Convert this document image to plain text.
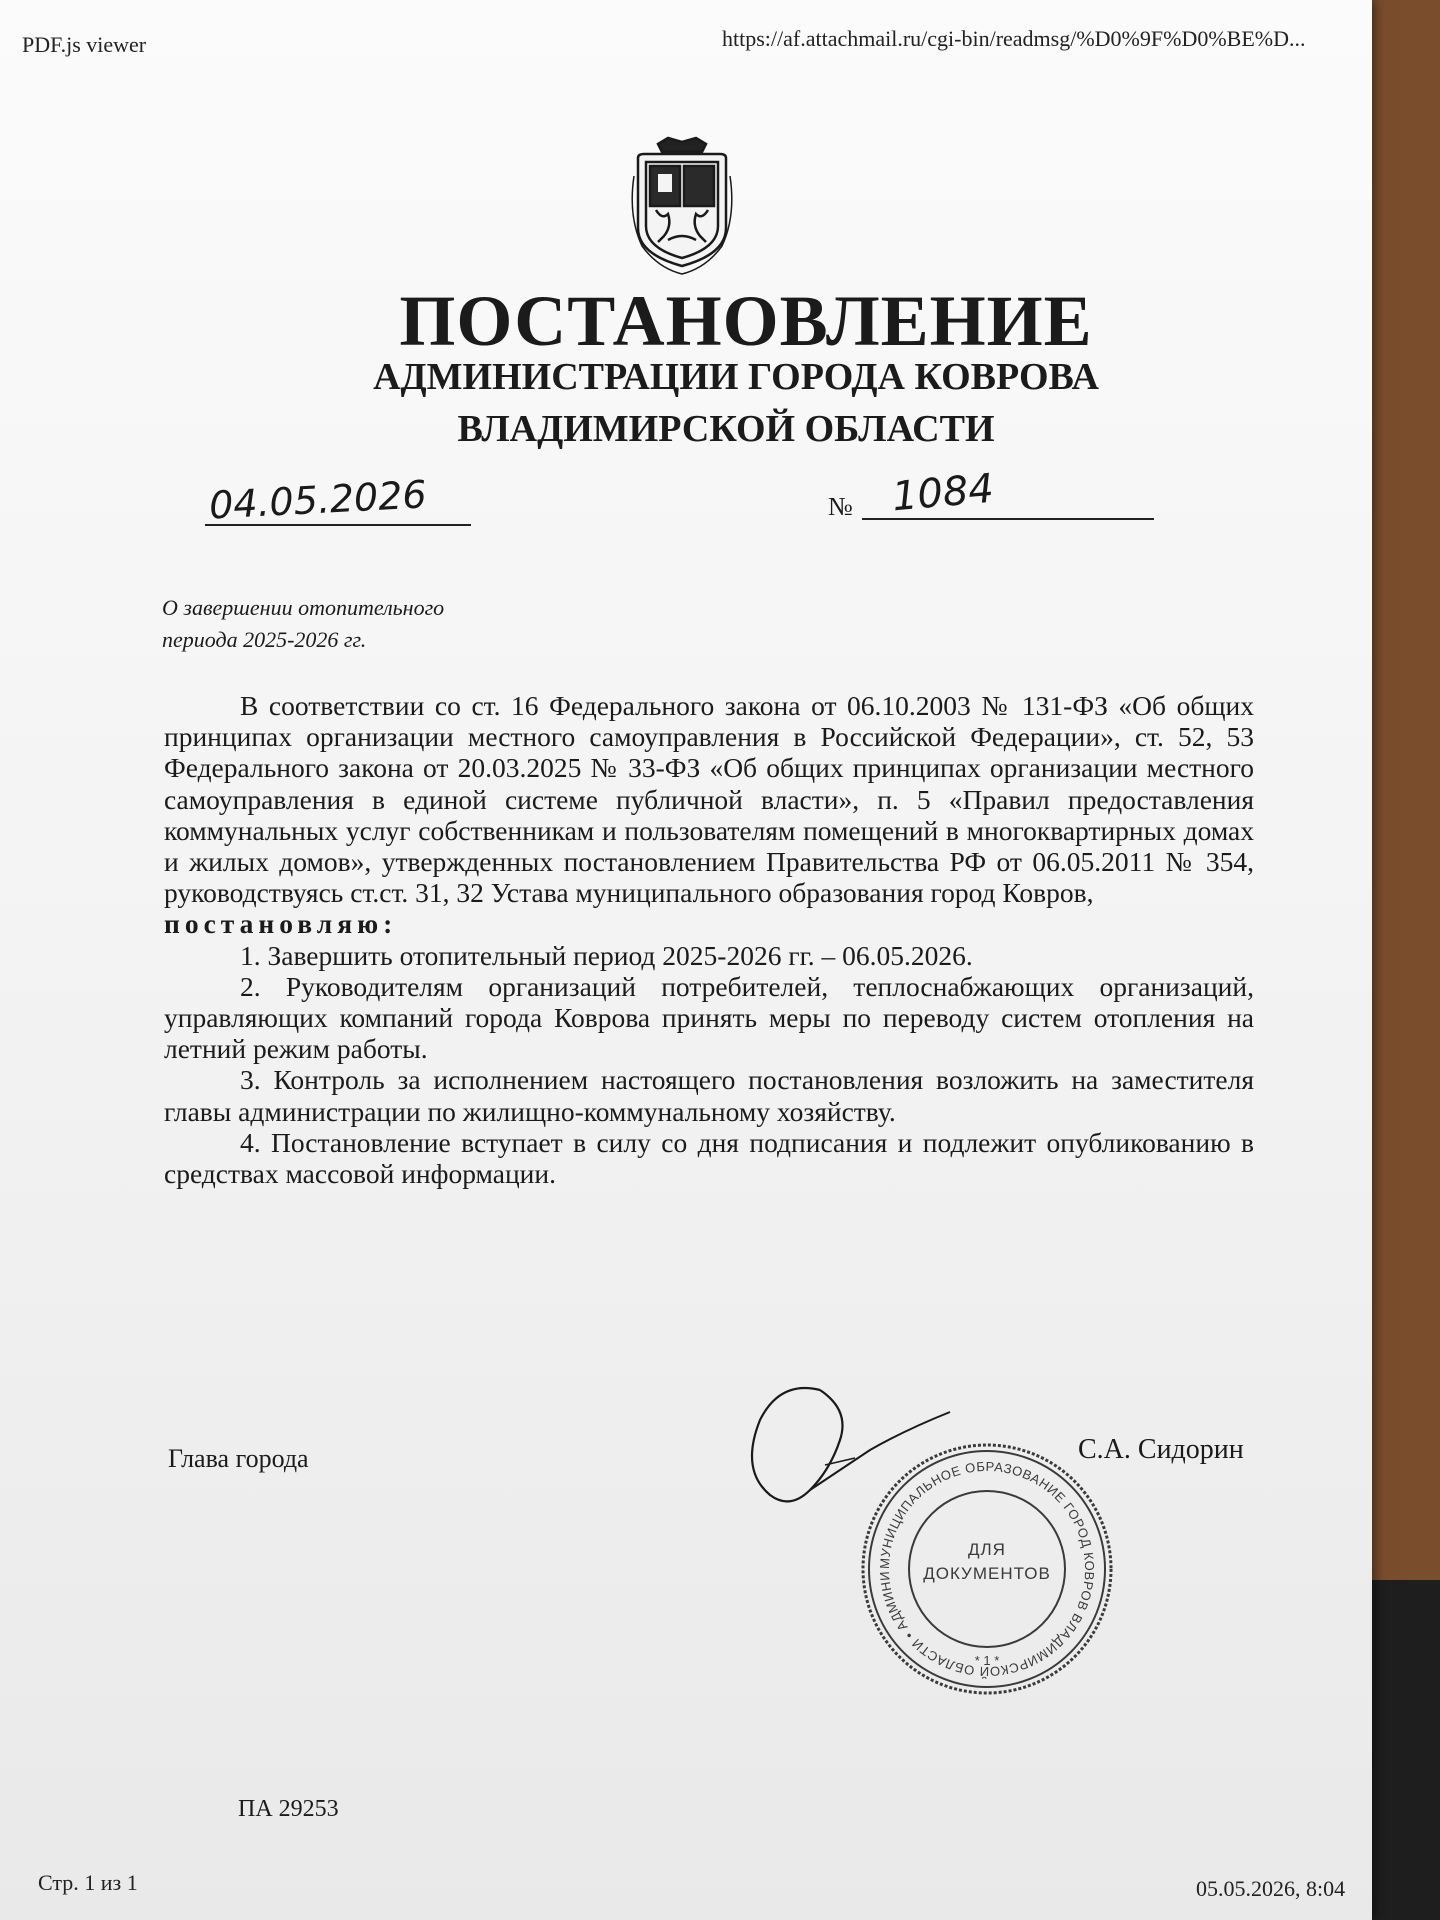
PDF.js viewer	https://af.attachmail.ru/cgi-bin/readmsg/%D0%9F%D0%BE%D...
ПОСТАНОВЛЕНИЕ
АДМИНИСТРАЦИИ ГОРОДА КОВРОВА
ВЛАДИМИРСКОЙ ОБЛАСТИ
04.05.2026	№ 1084
О завершении отопительного
периода 2025-2026 гг.

В соответствии со ст. 16 Федерального закона от 06.10.2003 № 131-ФЗ «Об общих принципах организации местного самоуправления в Российской Федерации», ст. 52, 53 Федерального закона от 20.03.2025 № 33-ФЗ «Об общих принципах организации местного самоуправления в единой системе публичной власти», п. 5 «Правил предоставления коммунальных услуг собственникам и пользователям помещений в многоквартирных домах и жилых домов», утвержденных постановлением Правительства РФ от 06.05.2011 № 354, руководствуясь ст.ст. 31, 32 Устава муниципального образования город Ковров,

постановляю:

1. Завершить отопительный период 2025-2026 гг. – 06.05.2026.

2. Руководителям организаций потребителей, теплоснабжающих организаций, управляющих компаний города Коврова принять меры по переводу систем отопления на летний режим работы.

3. Контроль за исполнением настоящего постановления возложить на заместителя главы администрации по жилищно-коммунальному хозяйству.

4. Постановление вступает в силу со дня подписания и подлежит опубликованию в средствах массовой информации.

Глава города	С.А. Сидорин
МУНИЦИПАЛЬНОЕ ОБРАЗОВАНИЕ ГОРОД КОВРОВ ВЛАДИМИРСКОЙ ОБЛАСТИ • АДМИНИ
* 1 *
ДЛЯ
ДОКУМЕНТОВ
ПА 29253
Стр. 1 из 1	05.05.2026, 8:04
